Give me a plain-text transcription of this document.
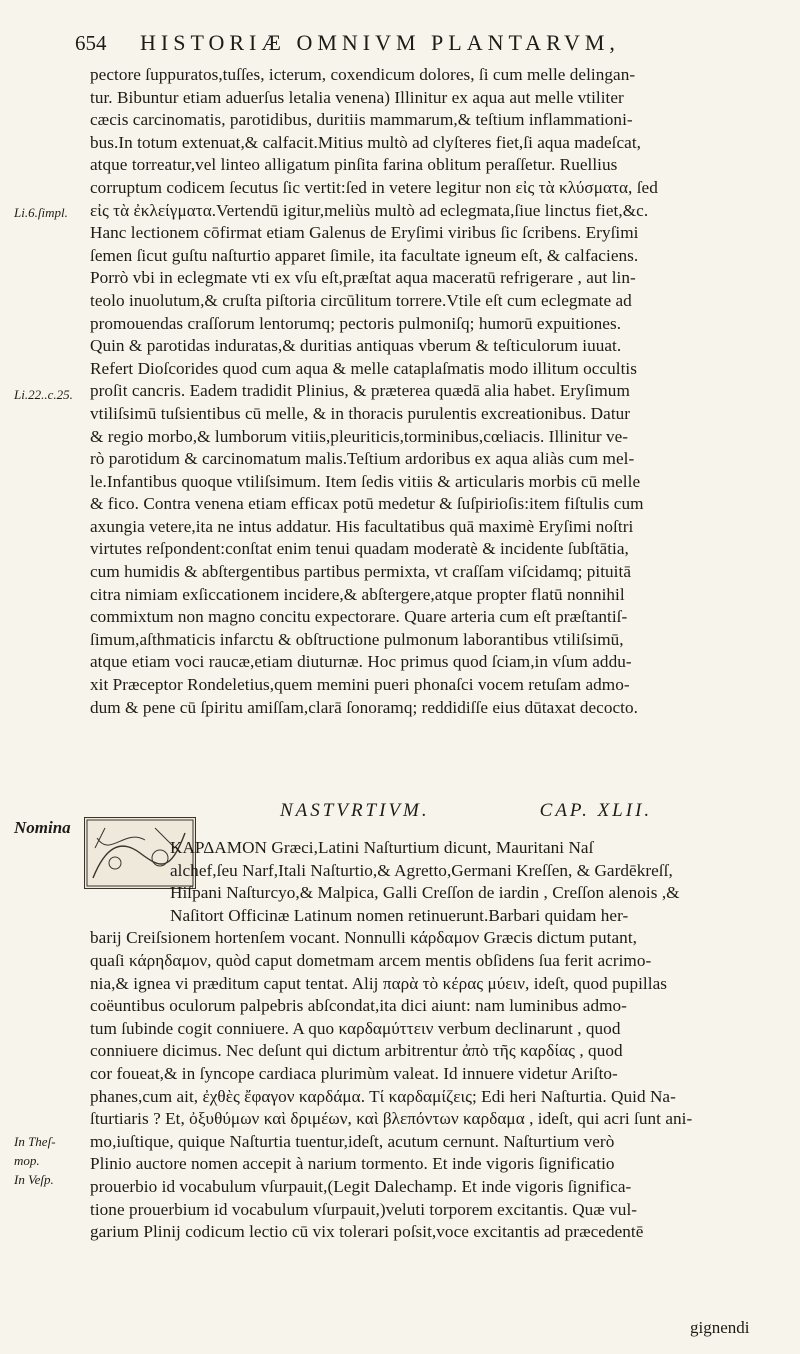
654	HISTORIÆ OMNIVM PLANTARVM,
Li.6.ſimpl.
Li.22..c.25.
Nomina
In Theſ-
mop.
In Veſp.
pectore ſuppuratos,tuſſes, icterum, coxendicum dolores, ſi cum melle delingan-
tur. Bibuntur etiam aduerſus letalia venena) Illinitur ex aqua aut melle vtiliter
cæcis carcinomatis, parotidibus, duritiis mammarum,& teſtium inflammationi-
bus.In totum extenuat,& calfacit.Mitius multò ad clyſteres fiet,ſi aqua madeſcat,
atque torreatur,vel linteo alligatum pinſita farina oblitum peraſſetur. Ruellius
corruptum codicem ſecutus ſic vertit:ſed in vetere legitur non εἰς τὰ κλύσματα, ſed
εἰς τὰ ἐκλείγματα.Vertendū igitur,meliùs multò ad eclegmata,ſiue linctus fiet,&c.
Hanc lectionem cōfirmat etiam Galenus de Eryſimi viribus ſic ſcribens. Eryſimi
ſemen ſicut guſtu naſturtio apparet ſimile, ita facultate igneum eſt, & calfaciens.
Porrò vbi in eclegmate vti ex vſu eſt,præſtat aqua maceratū refrigerare , aut lin-
teolo inuolutum,& cruſta piſtoria circūlitum torrere.Vtile eſt cum eclegmate ad
promouendas craſſorum lentorumq; pectoris pulmoniſq; humorū expuitiones.
Quin & parotidas induratas,& duritias antiquas vberum & teſticulorum iuuat.
Refert Dioſcorides quod cum aqua & melle cataplaſmatis modo illitum occultis
proſit cancris. Eadem tradidit Plinius, & præterea quædā alia habet. Eryſimum
vtiliſsimū tuſsientibus cū melle, & in thoracis purulentis excreationibus. Datur
& regio morbo,& lumborum vitiis,pleuriticis,torminibus,cœliacis. Illinitur ve-
rò parotidum & carcinomatum malis.Teſtium ardoribus ex aqua aliàs cum mel-
le.Infantibus quoque vtiliſsimum. Item ſedis vitiis & articularis morbis cū melle
& fico. Contra venena etiam efficax potū medetur & ſuſpirioſis:item fiſtulis cum
axungia vetere,ita ne intus addatur. His facultatibus quā maximè Eryſimi noſtri
virtutes reſpondent:conſtat enim tenui quadam moderatè & incidente ſubſtātia,
cum humidis & abſtergentibus partibus permixta, vt craſſam viſcidamq; pituitā
citra nimiam exſiccationem incidere,& abſtergere,atque propter flatū nonnihil
commixtum non magno concitu expectorare. Quare arteria cum eſt præſtantiſ-
ſimum,aſthmaticis infarctu & obſtructione pulmonum laborantibus vtiliſsimū,
atque etiam voci raucæ,etiam diuturnæ. Hoc primus quod ſciam,in vſum addu-
xit Præceptor Rondeletius,quem memini pueri phonaſci vocem retuſam admo-
dum & pene cū ſpiritu amiſſam,clarā ſonoramq; reddidiſſe eius dūtaxat decocto.
NASTVRTIVM.	CAP. XLII.
ΚΑΡΔΑΜΟΝ Græci,Latini Naſturtium dicunt, Mauritani Naſ
alchef,ſeu Narf,Itali Naſturtio,& Agretto,Germani Kreſſen, & Gardēkreſſ,
Hiſpani Naſturcyo,& Malpica, Galli Creſſon de iardin , Creſſon alenois ,&
Naſitort Officinæ Latinum nomen retinuerunt.Barbari quidam her-
barij Creiſsionem hortenſem vocant. Nonnulli κάρδαμον Græcis dictum putant,
quaſi κάρηδαμον, quòd caput dometmam arcem mentis obſidens ſua ferit acrimo-
nia,& ignea vi præditum caput tentat. Alij παρὰ τὸ κέρας μύειν, ideſt, quod pupillas
coëuntibus oculorum palpebris abſcondat,ita dici aiunt: nam luminibus admo-
tum ſubinde cogit conniuere. A quo καρδαμύττειν verbum declinarunt , quod
conniuere dicimus. Nec deſunt qui dictum arbitrentur ἀπὸ τῆς καρδίας , quod
cor foueat,& in ſyncope cardiaca plurimùm valeat. Id innuere videtur Ariſto-
phanes,cum ait, ἐχθὲς ἔφαγον καρδάμα. Τί καρδαμίζεις; Edi heri Naſturtia. Quid Na-
ſturtiaris ? Et, ὀξυθύμων καὶ δριμέων, καὶ βλεπόντων καρδαμα , ideſt, qui acri ſunt ani-
mo,iuſtique, quique Naſturtia tuentur,ideſt, acutum cernunt. Naſturtium verò
Plinio auctore nomen accepit à narium tormento. Et inde vigoris ſignificatio
prouerbio id vocabulum vſurpauit,(Legit Dalechamp. Et inde vigoris ſignifica-
tione prouerbium id vocabulum vſurpauit,)veluti torporem excitantis. Quæ vul-
garium Plinij codicum lectio cū vix tolerari poſsit,voce excitantis ad præcedentē
gignendi
